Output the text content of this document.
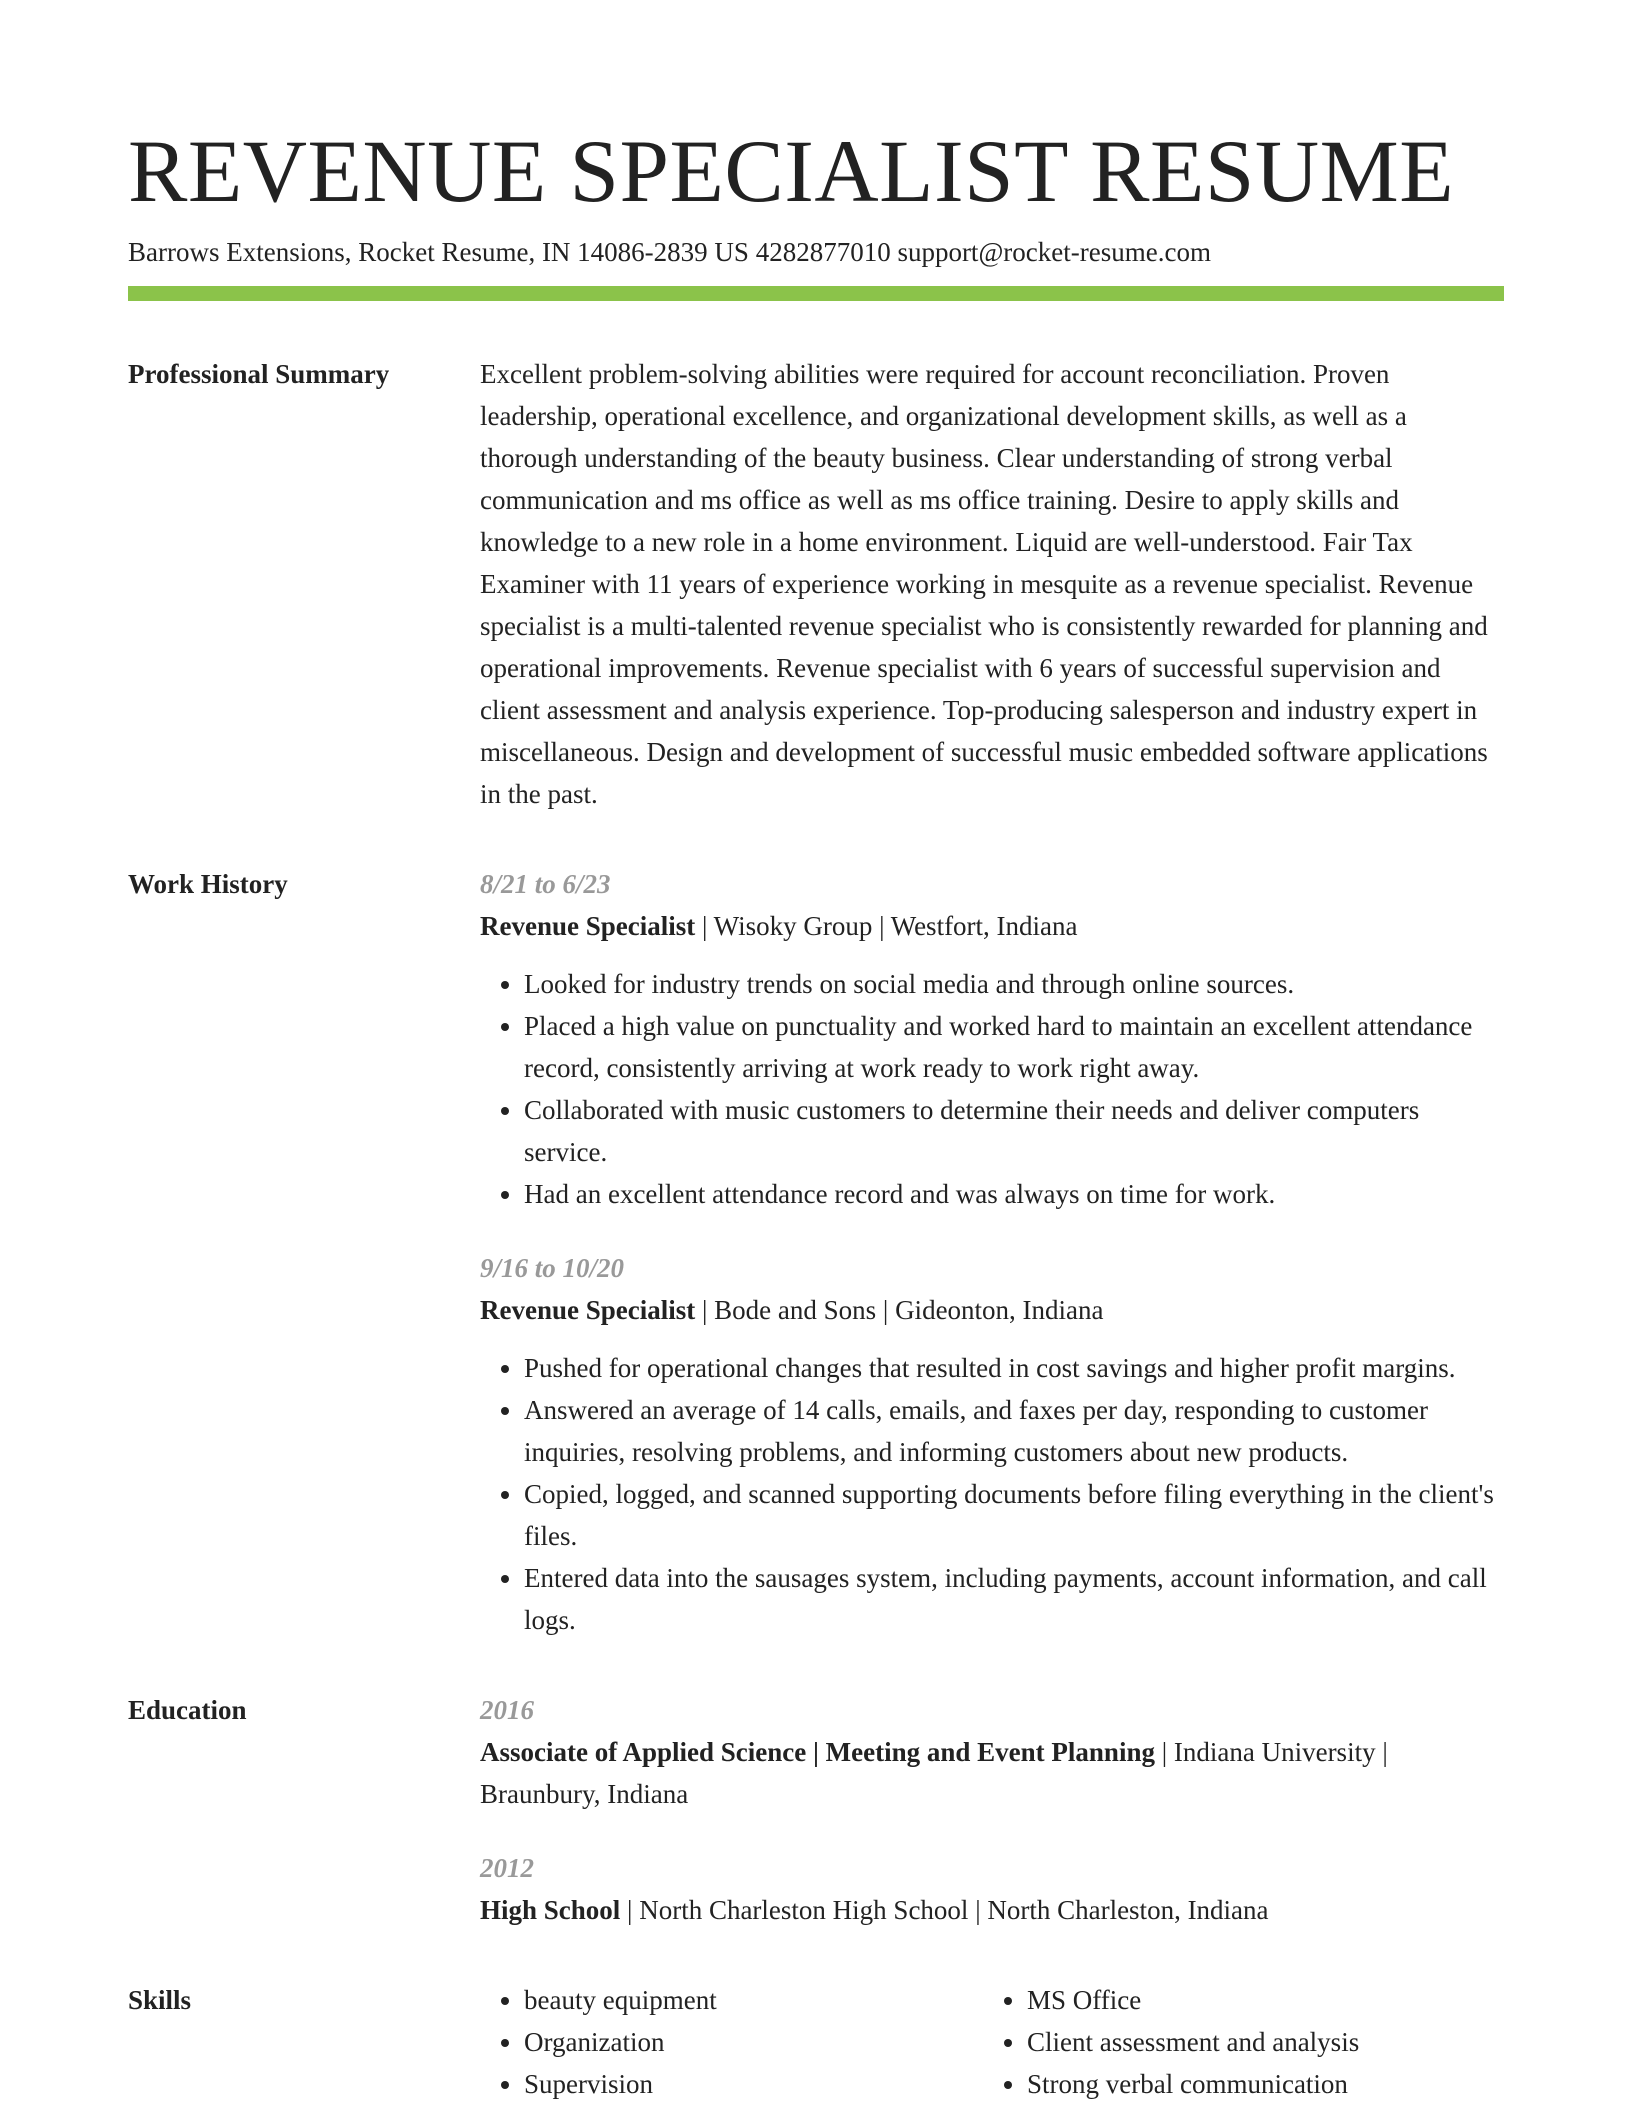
REVENUE SPECIALIST RESUME
Barrows Extensions, Rocket Resume, IN 14086-2839 US 4282877010 support@rocket-resume.com
Professional Summary	Excellent problem-solving abilities were required for account reconciliation. Proven leadership, operational excellence, and organizational development skills, as well as a thorough understanding of the beauty business. Clear understanding of strong verbal communication and ms office as well as ms office training. Desire to apply skills and knowledge to a new role in a home environment. Liquid are well-understood. Fair Tax Examiner with 11 years of experience working in mesquite as a revenue specialist. Revenue specialist is a multi-talented revenue specialist who is consistently rewarded for planning and operational improvements. Revenue specialist with 6 years of successful supervision and client assessment and analysis experience. Top-producing salesperson and industry expert in miscellaneous. Design and development of successful music embedded software applications in the past.

Work History	8/21 to 6/23
Revenue Specialist | Wisoky Group | Westfort, Indiana
• Looked for industry trends on social media and through online sources.
• Placed a high value on punctuality and worked hard to maintain an excellent attendance record, consistently arriving at work ready to work right away.
• Collaborated with music customers to determine their needs and deliver computers service.
• Had an excellent attendance record and was always on time for work.
9/16 to 10/20
Revenue Specialist | Bode and Sons | Gideonton, Indiana
• Pushed for operational changes that resulted in cost savings and higher profit margins.
• Answered an average of 14 calls, emails, and faxes per day, responding to customer inquiries, resolving problems, and informing customers about new products.
• Copied, logged, and scanned supporting documents before filing everything in the client's files.
• Entered data into the sausages system, including payments, account information, and call logs.
Education	2016
Associate of Applied Science | Meeting and Event Planning | Indiana University| Braunbury, Indiana
2012
High School | North Charleston High School | North Charleston, Indiana
Skills	• beauty equipment
• Organization
• Supervision
• MS Office
• Client assessment and analysis
• Strong verbal communication
